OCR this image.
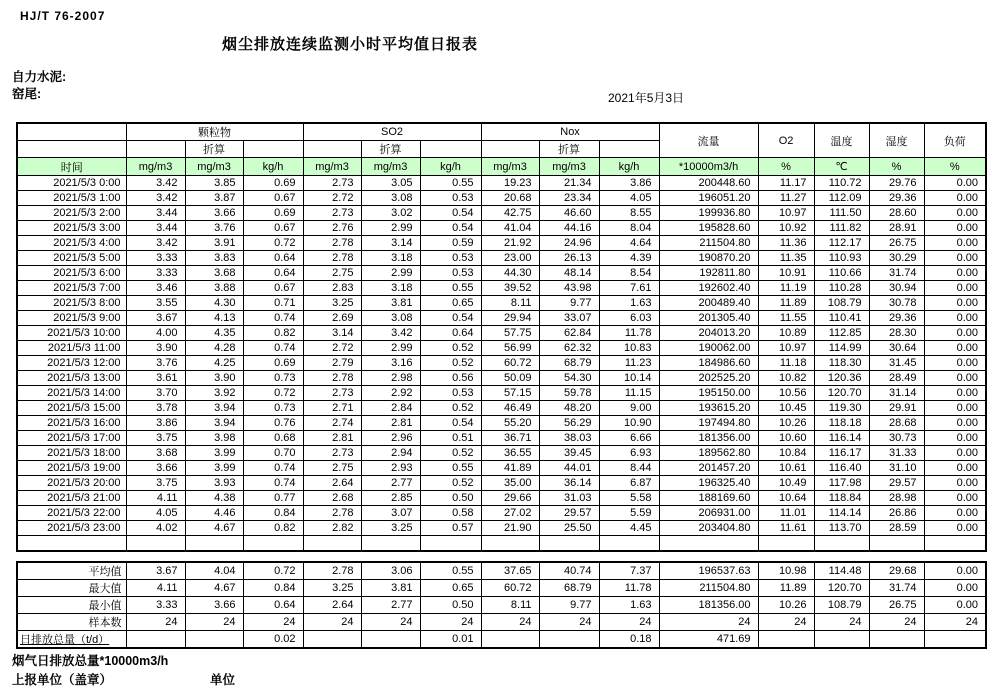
HJ/T 76-2007
烟尘排放连续监测小时平均值日报表
自力水泥:
窑尾:	2021年5月3日
	颗粒物			SO2			Nox			流量	O2	温度	湿度	负荷
		折算			折算			折算						
时间	mg/m3	mg/m3	kg/h	mg/m3	mg/m3	kg/h	mg/m3	mg/m3	kg/h	*10000m3/h	%	℃	%	%
2021/5/3 0:00	3.42	3.85	0.69	2.73	3.05	0.55	19.23	21.34	3.86	200448.60	11.17	110.72	29.76	0.00
2021/5/3 1:00	3.42	3.87	0.67	2.72	3.08	0.53	20.68	23.34	4.05	196051.20	11.27	112.09	29.36	0.00
2021/5/3 2:00	3.44	3.66	0.69	2.73	3.02	0.54	42.75	46.60	8.55	199936.80	10.97	111.50	28.60	0.00
2021/5/3 3:00	3.44	3.76	0.67	2.76	2.99	0.54	41.04	44.16	8.04	195828.60	10.92	111.82	28.91	0.00
2021/5/3 4:00	3.42	3.91	0.72	2.78	3.14	0.59	21.92	24.96	4.64	211504.80	11.36	112.17	26.75	0.00
2021/5/3 5:00	3.33	3.83	0.64	2.78	3.18	0.53	23.00	26.13	4.39	190870.20	11.35	110.93	30.29	0.00
2021/5/3 6:00	3.33	3.68	0.64	2.75	2.99	0.53	44.30	48.14	8.54	192811.80	10.91	110.66	31.74	0.00
2021/5/3 7:00	3.46	3.88	0.67	2.83	3.18	0.55	39.52	43.98	7.61	192602.40	11.19	110.28	30.94	0.00
2021/5/3 8:00	3.55	4.30	0.71	3.25	3.81	0.65	8.11	9.77	1.63	200489.40	11.89	108.79	30.78	0.00
2021/5/3 9:00	3.67	4.13	0.74	2.69	3.08	0.54	29.94	33.07	6.03	201305.40	11.55	110.41	29.36	0.00
2021/5/3 10:00	4.00	4.35	0.82	3.14	3.42	0.64	57.75	62.84	11.78	204013.20	10.89	112.85	28.30	0.00
2021/5/3 11:00	3.90	4.28	0.74	2.72	2.99	0.52	56.99	62.32	10.83	190062.00	10.97	114.99	30.64	0.00
2021/5/3 12:00	3.76	4.25	0.69	2.79	3.16	0.52	60.72	68.79	11.23	184986.60	11.18	118.30	31.45	0.00
2021/5/3 13:00	3.61	3.90	0.73	2.78	2.98	0.56	50.09	54.30	10.14	202525.20	10.82	120.36	28.49	0.00
2021/5/3 14:00	3.70	3.92	0.72	2.73	2.92	0.53	57.15	59.78	11.15	195150.00	10.56	120.70	31.14	0.00
2021/5/3 15:00	3.78	3.94	0.73	2.71	2.84	0.52	46.49	48.20	9.00	193615.20	10.45	119.30	29.91	0.00
2021/5/3 16:00	3.86	3.94	0.76	2.74	2.81	0.54	55.20	56.29	10.90	197494.80	10.26	118.18	28.68	0.00
2021/5/3 17:00	3.75	3.98	0.68	2.81	2.96	0.51	36.71	38.03	6.66	181356.00	10.60	116.14	30.73	0.00
2021/5/3 18:00	3.68	3.99	0.70	2.73	2.94	0.52	36.55	39.45	6.93	189562.80	10.84	116.17	31.33	0.00
2021/5/3 19:00	3.66	3.99	0.74	2.75	2.93	0.55	41.89	44.01	8.44	201457.20	10.61	116.40	31.10	0.00
2021/5/3 20:00	3.75	3.93	0.74	2.64	2.77	0.52	35.00	36.14	6.87	196325.40	10.49	117.98	29.57	0.00
2021/5/3 21:00	4.11	4.38	0.77	2.68	2.85	0.50	29.66	31.03	5.58	188169.60	10.64	118.84	28.98	0.00
2021/5/3 22:00	4.05	4.46	0.84	2.78	3.07	0.58	27.02	29.57	5.59	206931.00	11.01	114.14	26.86	0.00
2021/5/3 23:00	4.02	4.67	0.82	2.82	3.25	0.57	21.90	25.50	4.45	203404.80	11.61	113.70	28.59	0.00

平均值	3.67	4.04	0.72	2.78	3.06	0.55	37.65	40.74	7.37	196537.63	10.98	114.48	29.68	0.00
最大值	4.11	4.67	0.84	3.25	3.81	0.65	60.72	68.79	11.78	211504.80	11.89	120.70	31.74	0.00
最小值	3.33	3.66	0.64	2.64	2.77	0.50	8.11	9.77	1.63	181356.00	10.26	108.79	26.75	0.00
样本数	24	24	24	24	24	24	24	24	24	24	24	24	24	24
日排放总量（t/d）			0.02			0.01			0.18	471.69				
烟气日排放总量*10000m3/h
上报单位（盖章）	单位
